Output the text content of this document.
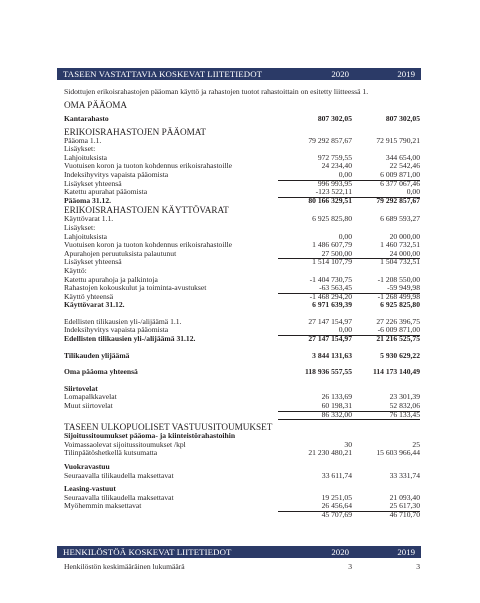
TASEEN VASTATTAVIA KOSKEVAT LIITETIEDOT	2020	2019
Sidottujen erikoisrahastojen pääoman käyttö ja rahastojen tuotot rahastoittain on esitetty liitteessä 1.
OMA PÄÄOMA
Kantarahasto	807 302,05	807 302,05
ERIKOISRAHASTOJEN PÄÄOMAT
Pääoma 1.1.	79 292 857,67	72 915 790,21
Lisäykset:
Lahjoituksista	972 759,55	344 654,00
Vuotuisen koron ja tuoton kohdennus erikoisrahastoille	24 234,40	22 542,46
Indeksihyvitys vapaista pääomista	0,00	6 009 871,00
Lisäykset yhteensä	996 993,95	6 377 067,46
Katettu apurahat pääomista	-123 522,11	0,00
Pääoma 31.12.	80 166 329,51	79 292 857,67
ERIKOISRAHASTOJEN KÄYTTÖVARAT
Käyttövarat 1.1.	6 925 825,80	6 689 593,27
Lisäykset:
Lahjoituksista	0,00	20 000,00
Vuotuisen koron ja tuoton kohdennus erikoisrahastoille	1 486 607,79	1 460 732,51
Apurahojen peruutuksista palautunut	27 500,00	24 000,00
Lisäykset yhteensä	1 514 107,79	1 504 732,51
Käyttö:
Katettu apurahoja ja palkintoja	-1 404 730,75	-1 208 550,00
Rahastojen kokouskulut ja toiminta-avustukset	-63 563,45	-59 949,98
Käyttö yhteensä	-1 468 294,20	-1 268 499,98
Käyttövarat 31.12.	6 971 639,39	6 925 825,80
Edellisten tilikausien yli-/alijäämä 1.1.	27 147 154,97	27 226 396,75
Indeksihyvitys vapaista pääomista	0,00	-6 009 871,00
Edellisten tilikausien yli-/alijäämä 31.12.	27 147 154,97	21 216 525,75
Tilikauden ylijäämä	3 844 131,63	5 930 629,22
Oma pääoma yhteensä	118 936 557,55	114 173 140,49
Siirtovelat
Lomapalkkavelat	26 133,69	23 301,39
Muut siirtovelat	60 198,31	52 832,06
86 332,00	76 133,45
TASEEN ULKOPUOLISET VASTUUSITOUMUKSET
Sijoitussitoumukset pääoma- ja kiinteistörahastoihin
Voimassaolevat sijoitussitoumukset /kpl	30	25
Tilinpäätöshetkellä kutsumatta	21 230 480,21	15 603 966,44
Vuokravastuu
Seuraavalla tilikaudella maksettavat	33 611,74	33 331,74
Leasing-vastuut
Seuraavalla tilikaudella maksettavat	19 251,05	21 093,40
Myöhemmin maksettavat	26 456,64	25 617,30
45 707,69	46 710,70
HENKILÖSTÖÄ KOSKEVAT LIITETIEDOT	2020	2019
Henkilöstön keskimääräinen lukumäärä	3	3
